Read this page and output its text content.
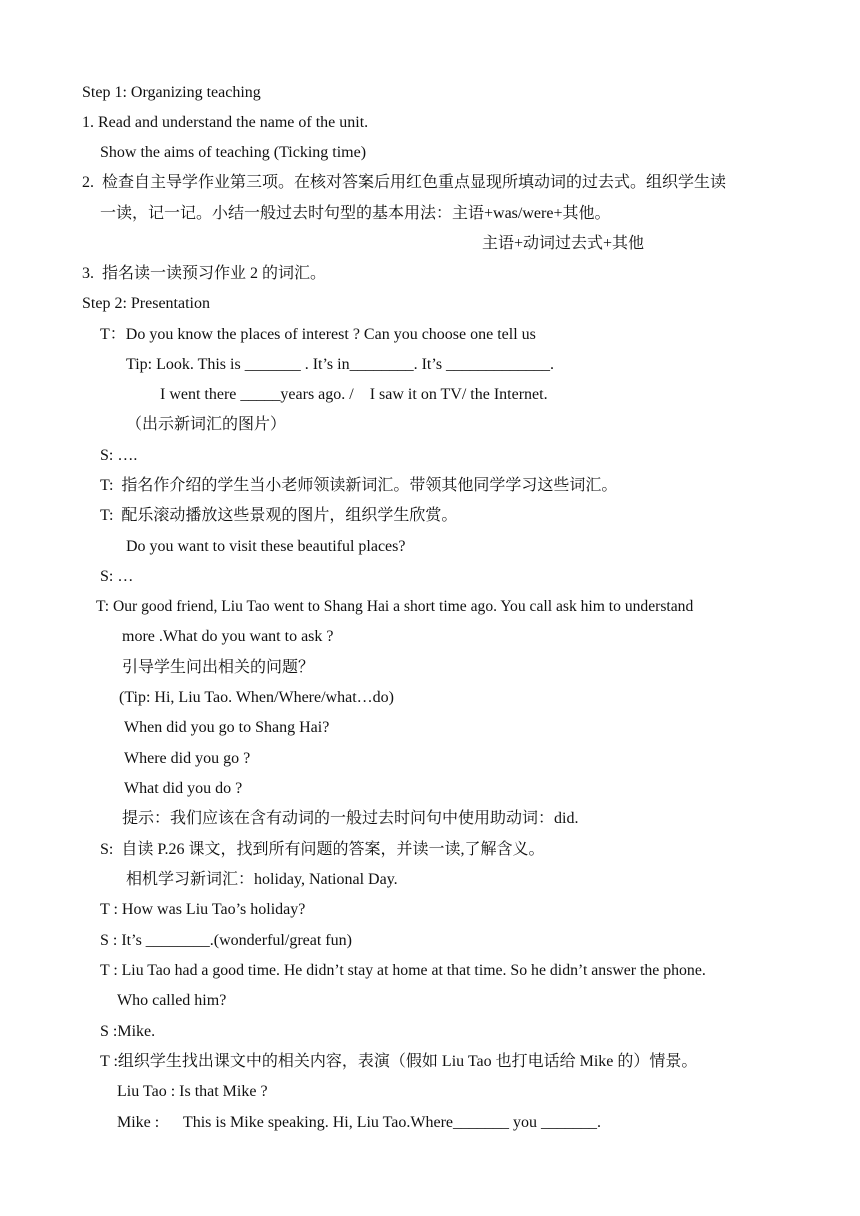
Step 1: Organizing teaching
1. Read and understand the name of the unit.
Show the aims of teaching (Ticking time)
2.  检查自主导学作业第三项。在核对答案后用红色重点显现所填动词的过去式。组织学生读
一读，记一记。小结一般过去时句型的基本用法：主语+was/were+其他。
主语+动词过去式+其他
3.  指名读一读预习作业 2 的词汇。
Step 2: Presentation
T：Do you know the places of interest ? Can you choose one tell us
Tip: Look. This is _______ . It’s in________. It’s _____________.
I went there _____years ago. /    I saw it on TV/ the Internet.
（出示新词汇的图片）
S: ….
T:  指名作介绍的学生当小老师领读新词汇。带领其他同学学习这些词汇。
T:  配乐滚动播放这些景观的图片，组织学生欣赏。
Do you want to visit these beautiful places?
S: …
T: Our good friend, Liu Tao went to Shang Hai a short time ago. You call ask him to understand
more .What do you want to ask ?
引导学生问出相关的问题？
(Tip: Hi, Liu Tao. When/Where/what…do)
When did you go to Shang Hai?
Where did you go ?
What did you do ?
提示：我们应该在含有动词的一般过去时问句中使用助动词：did.
S:  自读 P.26 课文，找到所有问题的答案，并读一读,了解含义。
相机学习新词汇：holiday, National Day.
T : How was Liu Tao’s holiday?
S : It’s ________.(wonderful/great fun)
T : Liu Tao had a good time. He didn’t stay at home at that time. So he didn’t answer the phone.
Who called him?
S :Mike.
T :组织学生找出课文中的相关内容，表演（假如 Liu Tao 也打电话给 Mike 的）情景。
Liu Tao : Is that Mike ?
Mike :      This is Mike speaking. Hi, Liu Tao.Where_______ you _______.
